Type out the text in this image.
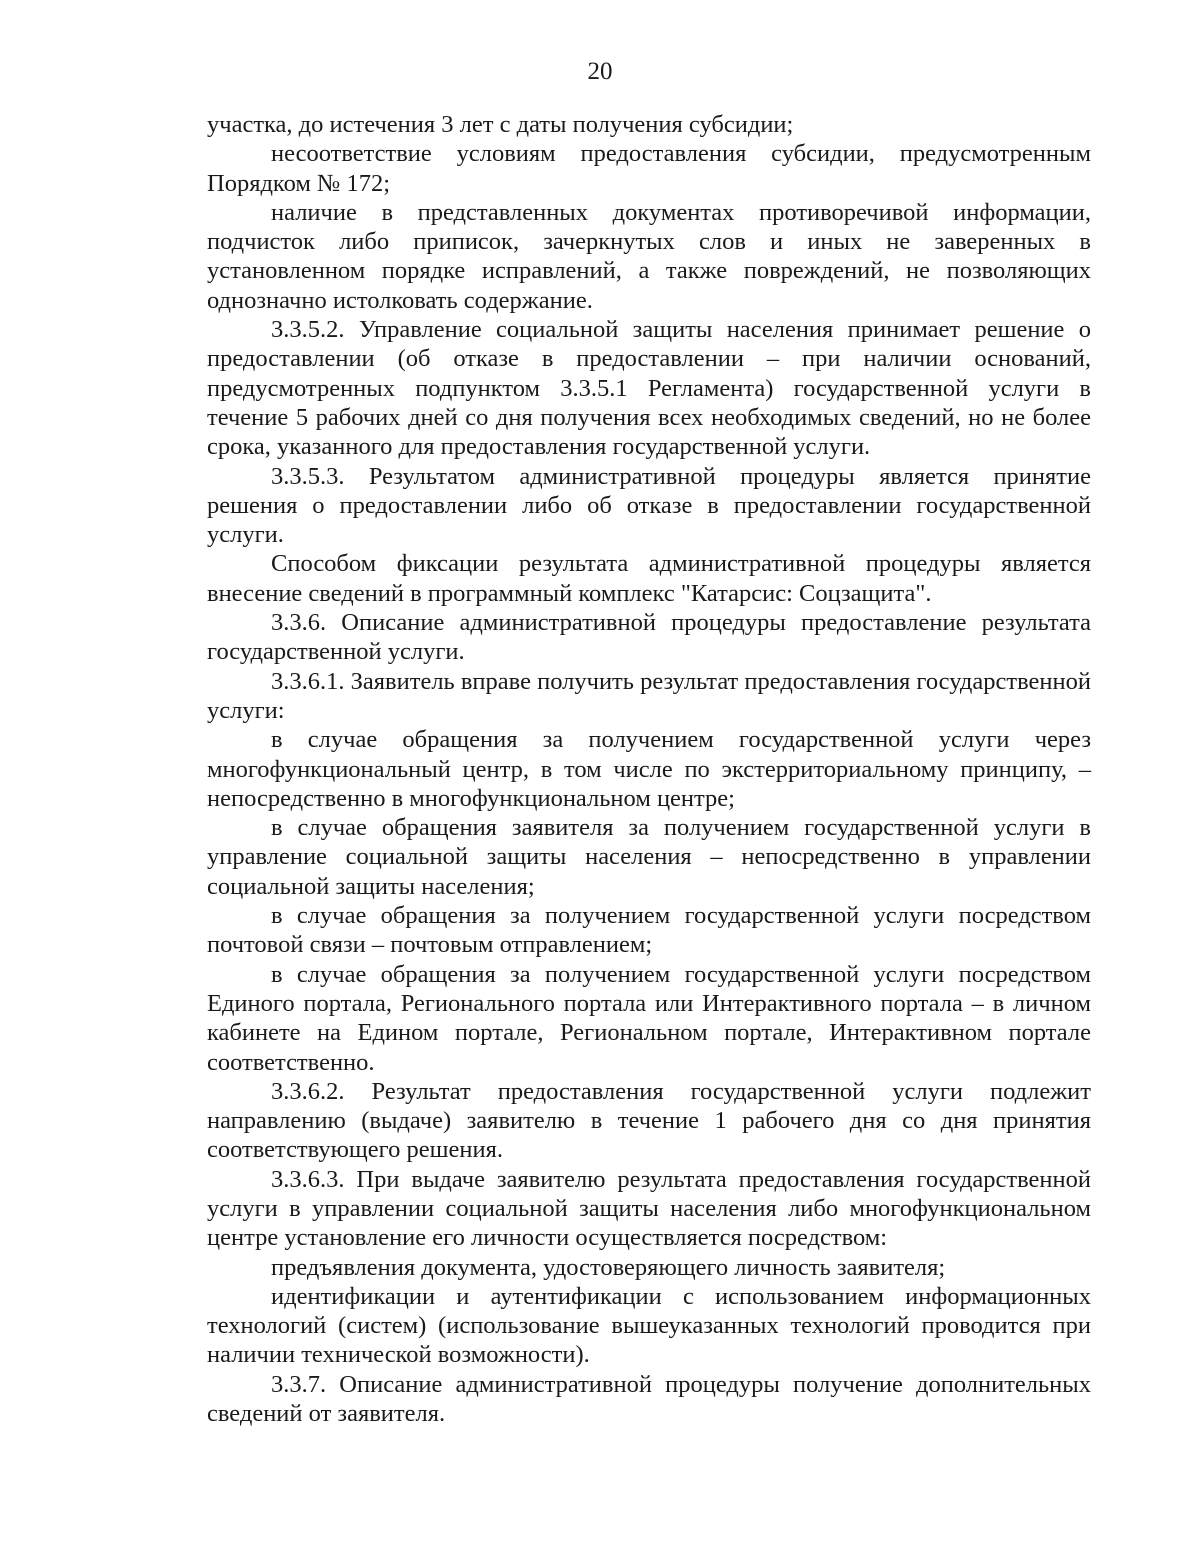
20

участка, до истечения 3 лет с даты получения субсидии;

несоответствие условиям предоставления субсидии, предусмотренным Порядком № 172;

наличие в представленных документах противоречивой информации, подчисток либо приписок, зачеркнутых слов и иных не заверенных в установленном порядке исправлений, а также повреждений, не позволяющих однозначно истолковать содержание.

3.3.5.2. Управление социальной защиты населения принимает решение о предоставлении (об отказе в предоставлении – при наличии оснований, предусмотренных подпунктом 3.3.5.1 Регламента) государственной услуги в течение 5 рабочих дней со дня получения всех необходимых сведений, но не более срока, указанного для предоставления государственной услуги.

3.3.5.3. Результатом административной процедуры является принятие решения о предоставлении либо об отказе в предоставлении государственной услуги.

Способом фиксации результата административной процедуры является внесение сведений в программный комплекс "Катарсис: Соцзащита".

3.3.6. Описание административной процедуры предоставление результата государственной услуги.

3.3.6.1. Заявитель вправе получить результат предоставления государственной услуги:

в случае обращения за получением государственной услуги через многофункциональный центр, в том числе по экстерриториальному принципу, – непосредственно в многофункциональном центре;

в случае обращения заявителя за получением государственной услуги в управление социальной защиты населения – непосредственно в управлении социальной защиты населения;

в случае обращения за получением государственной услуги посредством почтовой связи – почтовым отправлением;

в случае обращения за получением государственной услуги посредством Единого портала, Регионального портала или Интерактивного портала – в личном кабинете на Едином портале, Региональном портале, Интерактивном портале соответственно.

3.3.6.2. Результат предоставления государственной услуги подлежит направлению (выдаче) заявителю в течение 1 рабочего дня со дня принятия соответствующего решения.

3.3.6.3. При выдаче заявителю результата предоставления государственной услуги в управлении социальной защиты населения либо многофункциональном центре установление его личности осуществляется посредством:

предъявления документа, удостоверяющего личность заявителя;

идентификации и аутентификации с использованием информационных технологий (систем) (использование вышеуказанных технологий проводится при наличии технической возможности).

3.3.7. Описание административной процедуры получение дополнительных сведений от заявителя.
